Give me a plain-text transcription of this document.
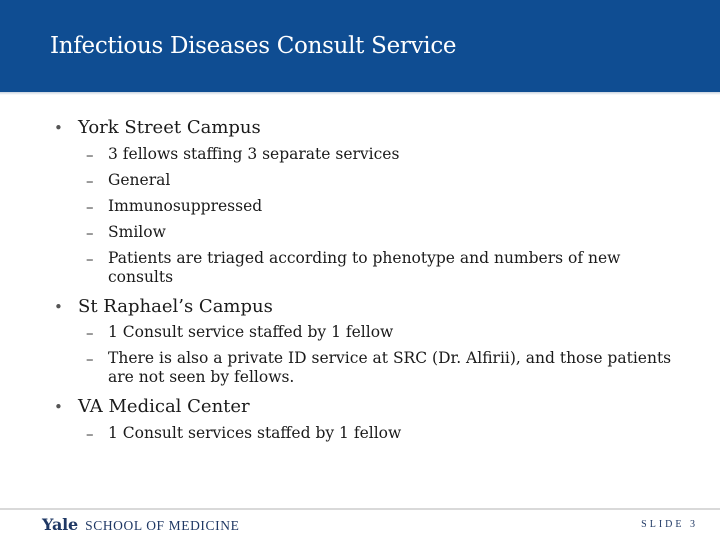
Infectious Diseases Consult Service
• York Street Campus
– 3 fellows staffing 3 separate services
– General
– Immunosuppressed
– Smilow
– Patients are triaged according to phenotype and numbers of new consults
• St Raphael’s Campus
– 1 Consult service staffed by 1 fellow
– There is also a private ID service at SRC (Dr. Alfirii), and those patients are not seen by fellows.
• VA Medical Center
– 1 Consult services staffed by 1 fellow
Yale SCHOOL OF MEDICINE	SLIDE 3
